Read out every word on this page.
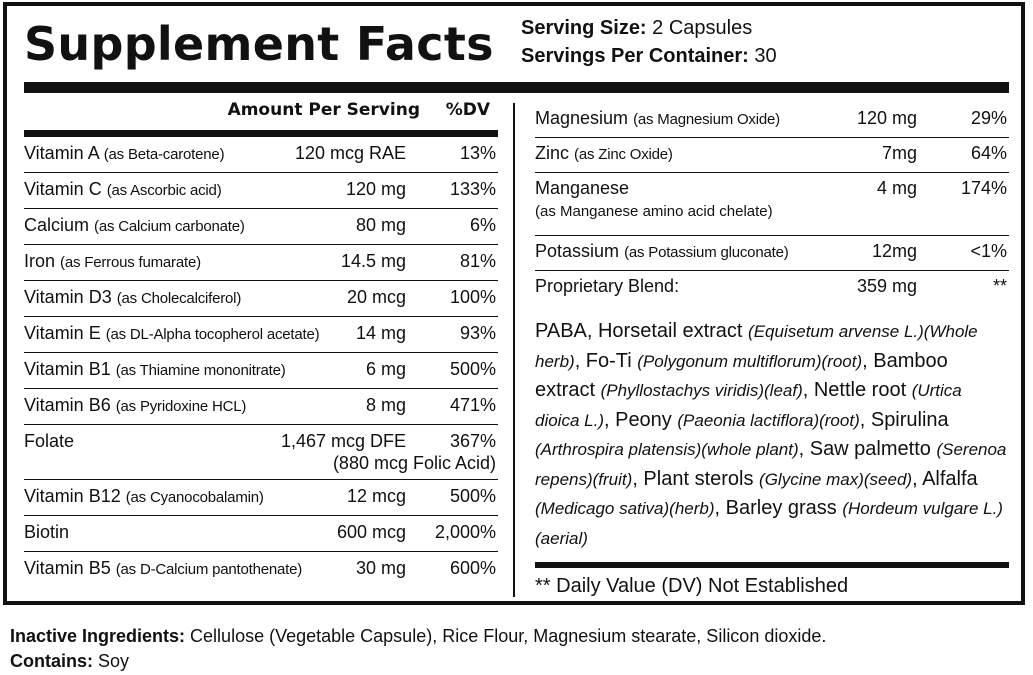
Supplement Facts Serving Size: 2 Capsules
Servings Per Container: 30
Amount Per Serving %DV
Vitamin A (as Beta-carotene)	120 mcg RAE	13%
Vitamin C (as Ascorbic acid)	120 mg 133%
Calcium (as Calcium carbonate)	80 mg	6%
Iron (as Ferrous fumarate)	14.5 mg	81%
Vitamin D3 (as Cholecalciferol)	20 mcg 100%
Vitamin E (as DL-Alpha tocopherol acetate) 14 mg	93%
Vitamin B1 (as Thiamine mononitrate)	6 mg 500%
Vitamin B6 (as Pyridoxine HCL)	8 mg 471%
Folate	1,467 mcg DFE 367%
(880 mcg Folic Acid)
Vitamin B12 (as Cyanocobalamin)	12 mcg 500%
Biotin	600 mcg 2,000%
Vitamin B5 (as D-Calcium pantothenate)	30 mg 600%
Magnesium (as Magnesium Oxide)	120 mg	29%
Zinc (as Zinc Oxide)	7mg	64%
Manganese
(as Manganese amino acid chelate)
4 mg 174%
Potassium (as Potassium gluconate)	12mg	<1%
Proprietary Blend:	359 mg	**
PABA, Horsetail extract (Equisetum arvense L.)(Whole herb), Fo-Ti (Polygonum multiflorum)(root), Bamboo extract (Phyllostachys viridis)(leaf), Nettle root (Urtica dioica L.), Peony (Paeonia lactiflora)(root), Spirulina (Arthrospira platensis)(whole plant), Saw palmetto (Serenoa repens)(fruit), Plant sterols (Glycine max)(seed), Alfalfa (Medicago sativa)(herb), Barley grass (Hordeum vulgare L.)(aerial)
** Daily Value (DV) Not Established
Inactive Ingredients: Cellulose (Vegetable Capsule), Rice Flour, Magnesium stearate, Silicon dioxide.
Contains: Soy
